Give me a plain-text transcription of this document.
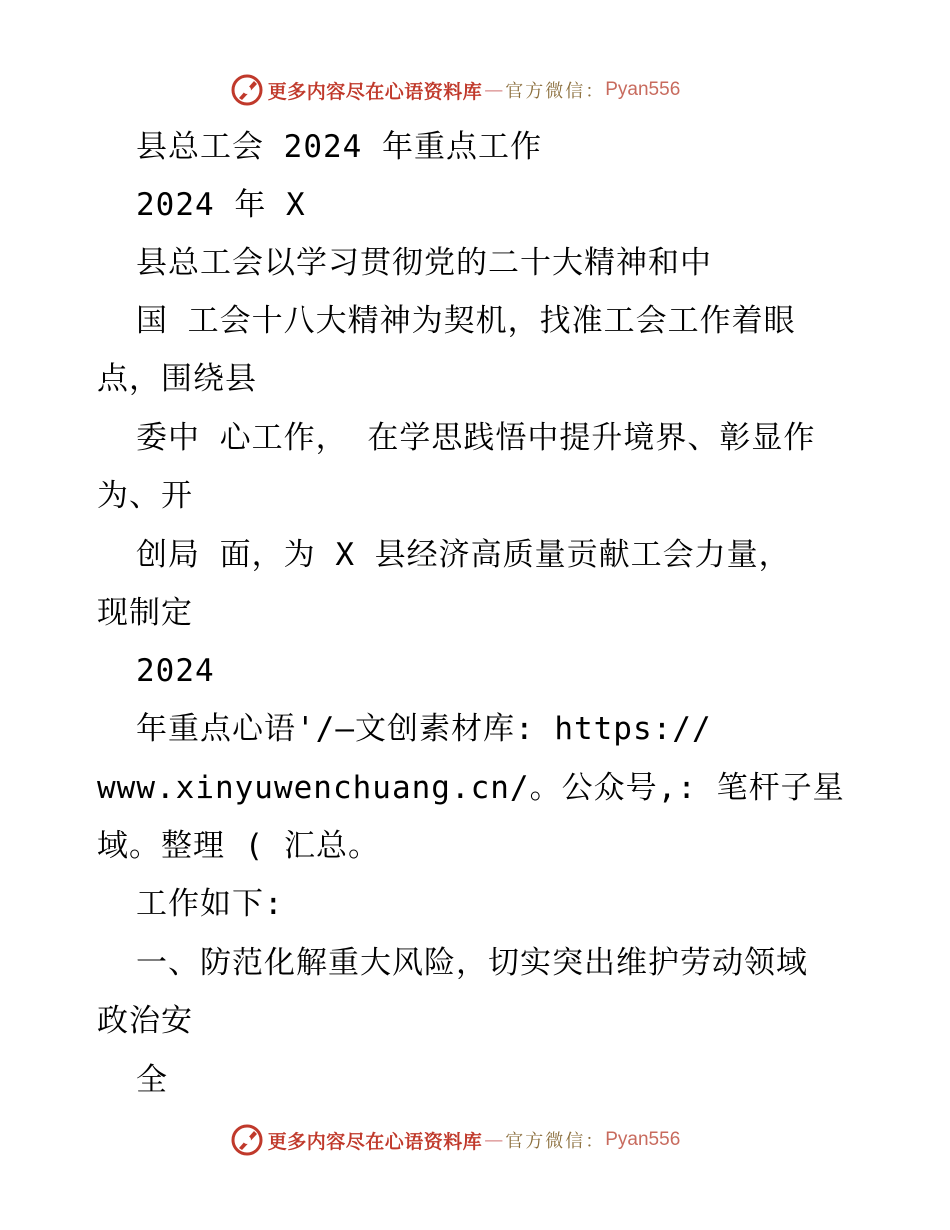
更多内容尽在心语资料库 — 官方微信： Pyan556
县总工会 2024 年重点工作
2024 年 X
县总工会以学习贯彻党的二十大精神和中
国 工会十八大精神为契机，找准工会工作着眼
点，围绕县
委中 心工作， 在学思践悟中提升境界、彰显作
为、开
创局 面，为 X 县经济高质量贡献工会力量，
现制定
2024
年重点心语'/—文创素材库: https://
www.xinyuwenchuang.cn/。公众号,: 笔杆子星
域。整理 ( 汇总。
工作如下:
一、防范化解重大风险，切实突出维护劳动领域
政治安
全
更多内容尽在心语资料库 — 官方微信： Pyan556
